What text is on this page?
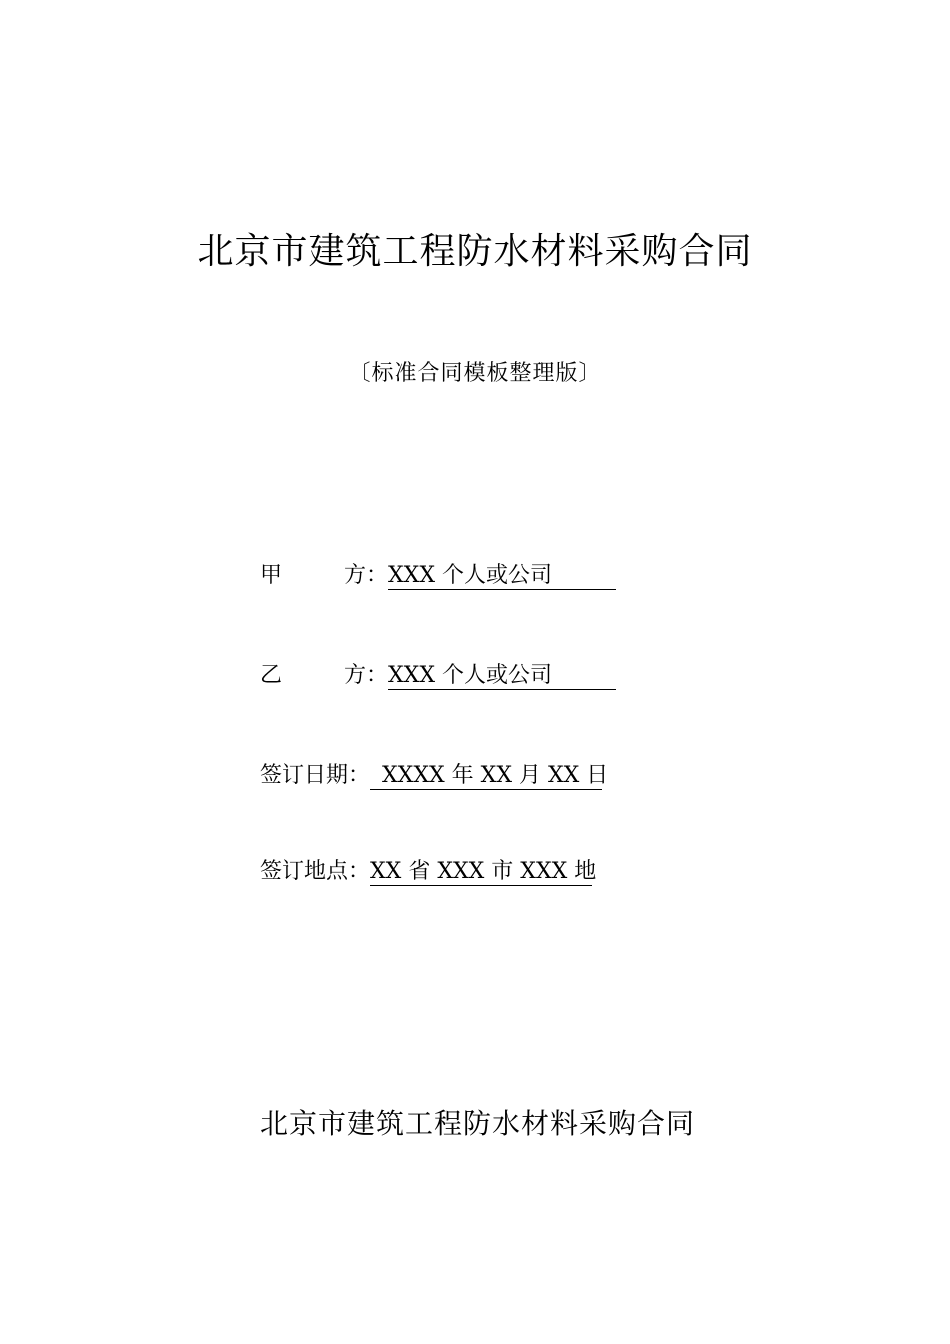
北京市建筑工程防水材料采购合同
〔标准合同模板整理版〕
甲	方： XXX 个人或公司
乙	方： XXX 个人或公司
签订日期： XXXX 年 XX 月 XX 日
签订地点：XX 省 XXX 市 XXX 地
北京市建筑工程防水材料采购合同
